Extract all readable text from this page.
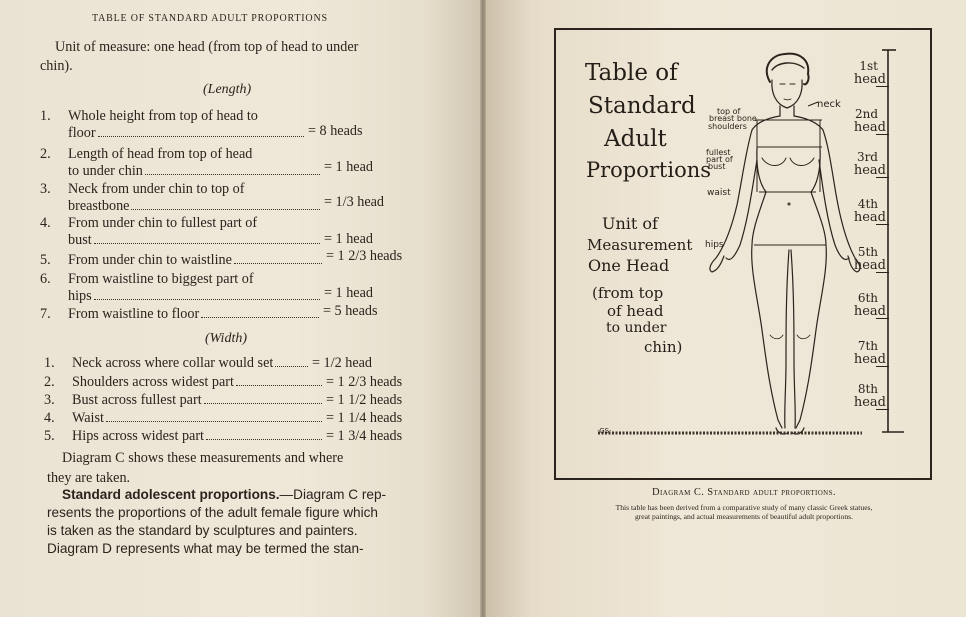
TABLE OF STANDARD ADULT PROPORTIONS
Unit of measure: one head (from top of head to under
chin).
(Length)
1. Whole height from top of head to
floor	= 8 heads
2. Length of head from top of head
to under chin	= 1 head
3. Neck from under chin to top of
breastbone	= 1/3 head
4. From under chin to fullest part of
bust	= 1 head
5. From under chin to waistline	= 1 2/3 heads
6. From waistline to biggest part of
hips	= 1 head
7. From waistline to floor	= 5 heads
(Width)
1. Neck across where collar would set	= 1/2 head
2. Shoulders across widest part	= 1 2/3 heads
3. Bust across fullest part	= 1 1/2 heads
4. Waist	= 1 1/4 heads
5. Hips across widest part	= 1 3/4 heads
Diagram C shows these measurements and where
they are taken.
Standard adolescent proportions.—Diagram C rep-
resents the proportions of the adult female figure which
is taken as the standard by sculptures and painters.
Diagram D represents what may be termed the stan-
Table of
Standard
Adult
Proportions
Unit of
Measurement
One Head
(from top
of head
to under
chin)
1st
head
2nd
head
3rd
head
4th
head
5th
head
6th
head
7th
head
8th
head
top of
breast bone
shoulders
neck
fullest
part of
bust
waist
hips
·GS·
Diagram C. Standard adult proportions.
This table has been derived from a comparative study of many classic Greek statues,
great paintings, and actual measurements of beautiful adult proportions.
